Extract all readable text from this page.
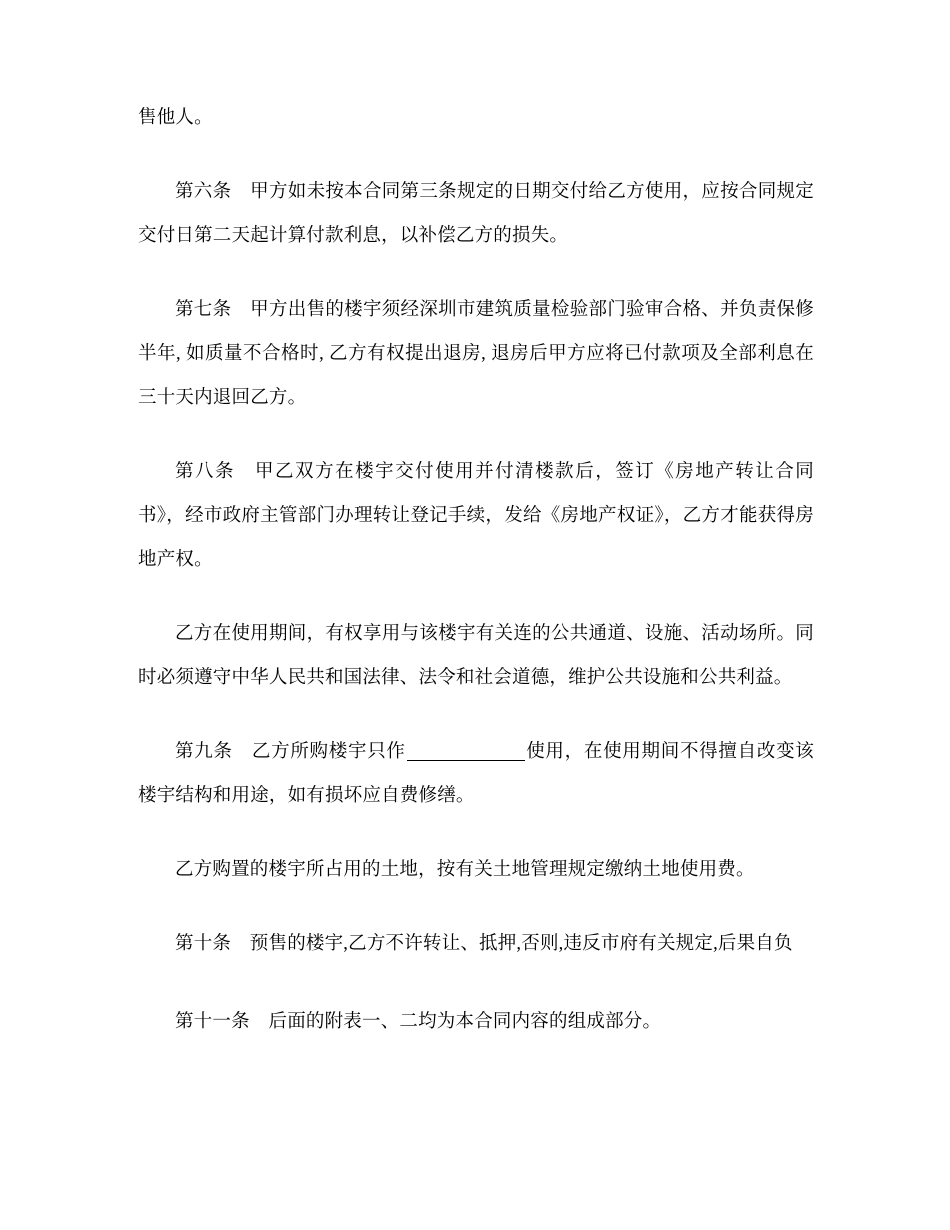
售他人。

第六条　甲方如未按本合同第三条规定的日期交付给乙方使用，应按合同规定交付日第二天起计算付款利息，以补偿乙方的损失。

第七条　甲方出售的楼宇须经深圳市建筑质量检验部门验审合格、并负责保修半年, 如质量不合格时, 乙方有权提出退房, 退房后甲方应将已付款项及全部利息在三十天内退回乙方。

第八条　甲乙双方在楼宇交付使用并付清楼款后，签订《房地产转让合同书》，经市政府主管部门办理转让登记手续，发给《房地产权证》，乙方才能获得房地产权。

乙方在使用期间，有权享用与该楼宇有关连的公共通道、设施、活动场所。同时必须遵守中华人民共和国法律、法令和社会道德，维护公共设施和公共利益。

第九条　乙方所购楼宇只作	使用，在使用期间不得擅自改变该楼宇结构和用途，如有损坏应自费修缮。

乙方购置的楼宇所占用的土地，按有关土地管理规定缴纳土地使用费。

第十条　预售的楼宇,乙方不许转让、抵押,否则,违反市府有关规定,后果自负

第十一条　后面的附表一、二均为本合同内容的组成部分。
